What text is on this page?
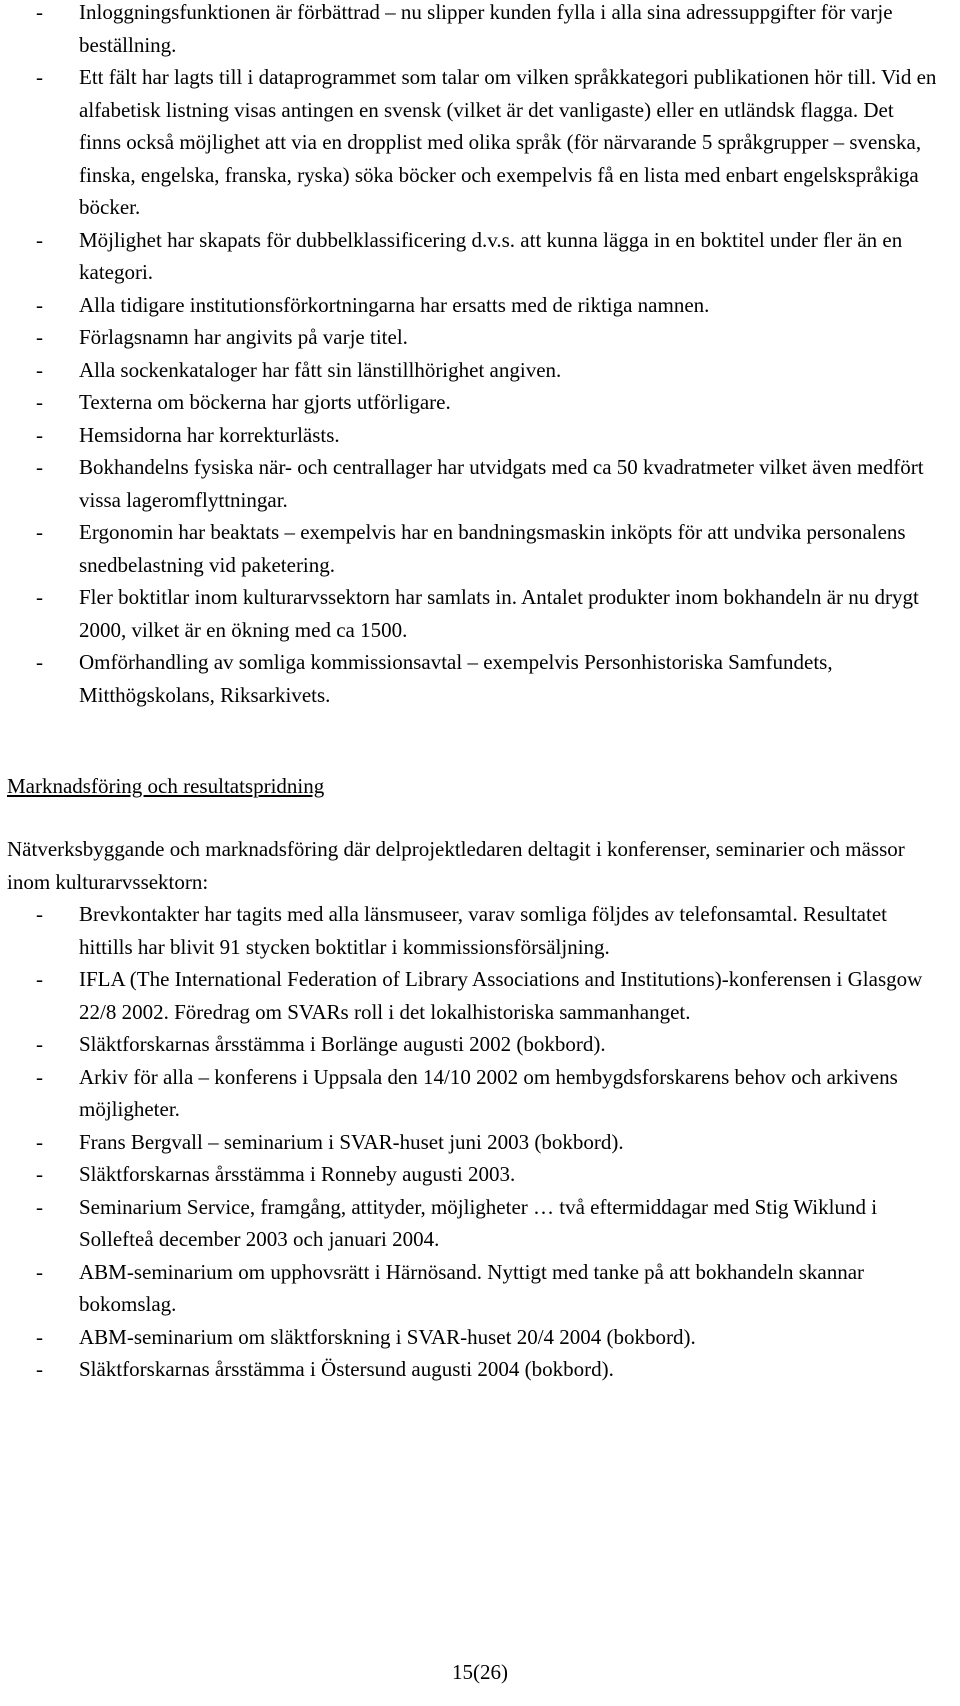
- Inloggningsfunktionen är förbättrad – nu slipper kunden fylla i alla sina adressuppgifter för varje beställning.
- Ett fält har lagts till i dataprogrammet som talar om vilken språkkategori publikationen hör till. Vid en alfabetisk listning visas antingen en svensk (vilket är det vanligaste) eller en utländsk flagga. Det finns också möjlighet att via en dropplist med olika språk (för närvarande 5 språkgrupper – svenska, finska, engelska, franska, ryska) söka böcker och exempelvis få en lista med enbart engelskspråkiga böcker.
- Möjlighet har skapats för dubbelklassificering d.v.s. att kunna lägga in en boktitel under fler än en kategori.
- Alla tidigare institutionsförkortningarna har ersatts med de riktiga namnen.
- Förlagsnamn har angivits på varje titel.
- Alla sockenkataloger har fått sin länstillhörighet angiven.
- Texterna om böckerna har gjorts utförligare.
- Hemsidorna har korrekturlästs.
- Bokhandelns fysiska när- och centrallager har utvidgats med ca 50 kvadratmeter vilket även medfört vissa lageromflyttningar.
- Ergonomin har beaktats – exempelvis har en bandningsmaskin inköpts för att undvika personalens snedbelastning vid paketering.
- Fler boktitlar inom kulturarvssektorn har samlats in. Antalet produkter inom bokhandeln är nu drygt 2000, vilket är en ökning med ca 1500.
- Omförhandling av somliga kommissionsavtal – exempelvis Personhistoriska Samfundets, Mitthögskolans, Riksarkivets.
Marknadsföring och resultatspridning
Nätverksbyggande och marknadsföring där delprojektledaren deltagit i konferenser, seminarier och mässor inom kulturarvssektorn:
- Brevkontakter har tagits med alla länsmuseer, varav somliga följdes av telefonsamtal. Resultatet hittills har blivit 91 stycken boktitlar i kommissionsförsäljning.
- IFLA (The International Federation of Library Associations and Institutions)-konferensen i Glasgow 22/8 2002. Föredrag om SVARs roll i det lokalhistoriska sammanhanget.
- Släktforskarnas årsstämma i Borlänge augusti 2002 (bokbord).
- Arkiv för alla – konferens i Uppsala den 14/10 2002 om hembygdsforskarens behov och arkivens möjligheter.
- Frans Bergvall – seminarium i SVAR-huset juni 2003 (bokbord).
- Släktforskarnas årsstämma i Ronneby augusti 2003.
- Seminarium Service, framgång, attityder, möjligheter … två eftermiddagar med Stig Wiklund i Sollefteå december 2003 och januari 2004.
- ABM-seminarium om upphovsrätt i Härnösand. Nyttigt med tanke på att bokhandeln skannar bokomslag.
- ABM-seminarium om släktforskning i SVAR-huset 20/4 2004 (bokbord).
- Släktforskarnas årsstämma i Östersund augusti 2004 (bokbord).
15(26)
